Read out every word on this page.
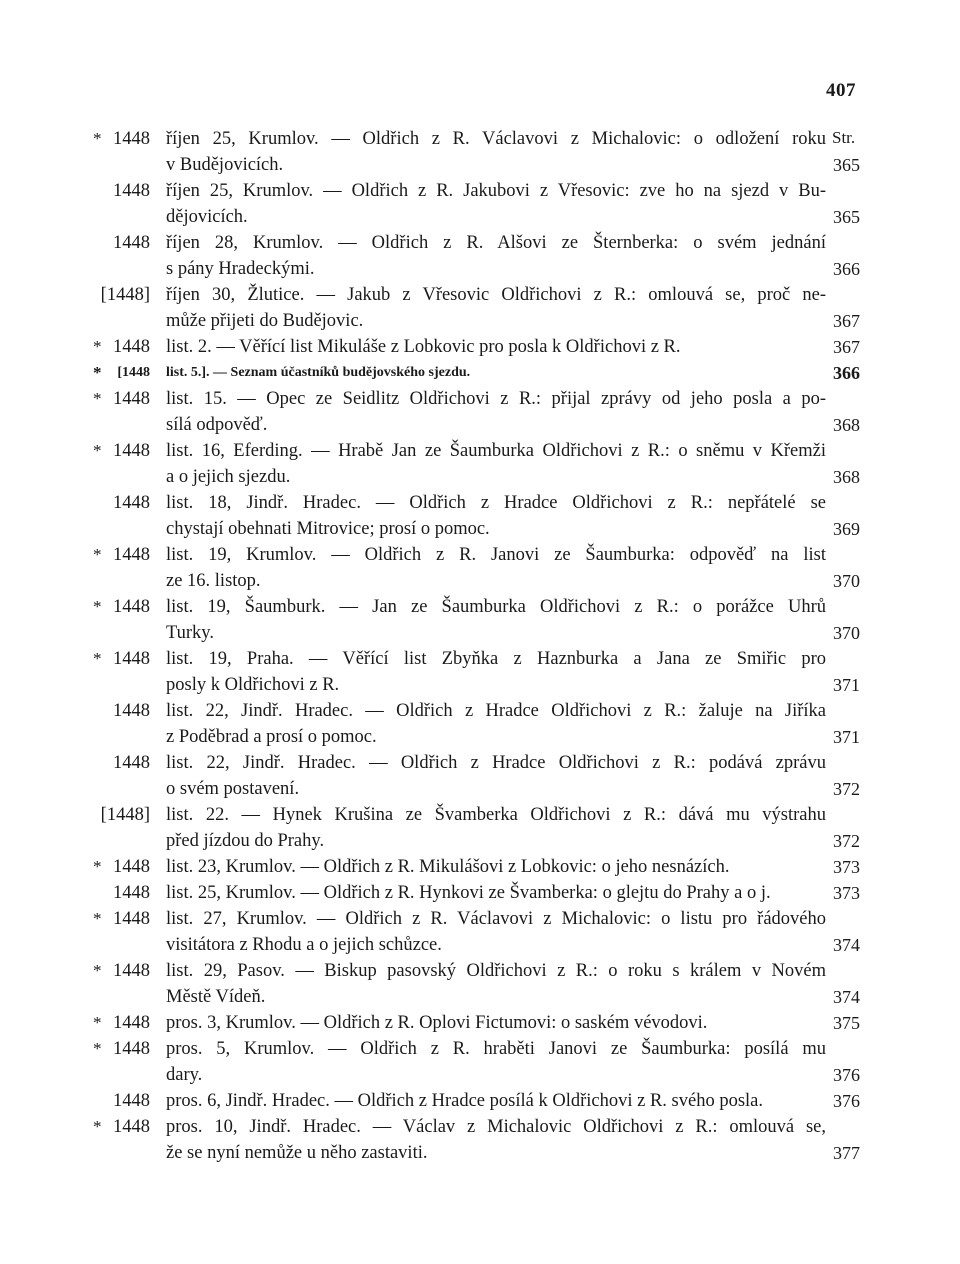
407
Str.
* 1448 říjen 25, Krumlov. — Oldřich z R. Václavovi z Michalovic: o odložení roku
v Budějovicích.	365
1448 říjen 25, Krumlov. — Oldřich z R. Jakubovi z Vřesovic: zve ho na sjezd v Bu-
dějovicích.	365
1448 říjen 28, Krumlov. — Oldřich z R. Alšovi ze Šternberka: o svém jednání
s pány Hradeckými.	366
[1448] říjen 30, Žlutice. — Jakub z Vřesovic Oldřichovi z R.: omlouvá se, proč ne-
může přijeti do Budějovic.	367
* 1448 list. 2. — Věřící list Mikuláše z Lobkovic pro posla k Oldřichovi z R.	367
* [1448 list. 5.]. — Seznam účastníků budějovského sjezdu.	366
* 1448 list. 15. — Opec ze Seidlitz Oldřichovi z R.: přijal zprávy od jeho posla a po-
sílá odpověď.	368
* 1448 list. 16, Eferding. — Hrabě Jan ze Šaumburka Oldřichovi z R.: o sněmu v Křemži
a o jejich sjezdu.	368
1448 list. 18, Jindř. Hradec. — Oldřich z Hradce Oldřichovi z R.: nepřátelé se
chystají obehnati Mitrovice; prosí o pomoc.	369
* 1448 list. 19, Krumlov. — Oldřich z R. Janovi ze Šaumburka: odpověď na list
ze 16. listop.	370
* 1448 list. 19, Šaumburk. — Jan ze Šaumburka Oldřichovi z R.: o porážce Uhrů
Turky.	370
* 1448 list. 19, Praha. — Věřící list Zbyňka z Haznburka a Jana ze Smiřic pro
posly k Oldřichovi z R.	371
1448 list. 22, Jindř. Hradec. — Oldřich z Hradce Oldřichovi z R.: žaluje na Jiříka
z Poděbrad a prosí o pomoc.	371
1448 list. 22, Jindř. Hradec. — Oldřich z Hradce Oldřichovi z R.: podává zprávu
o svém postavení.	372
[1448] list. 22. — Hynek Krušina ze Švamberka Oldřichovi z R.: dává mu výstrahu
před jízdou do Prahy.	372
* 1448 list. 23, Krumlov. — Oldřich z R. Mikulášovi z Lobkovic: o jeho nesnázích.	373
1448 list. 25, Krumlov. — Oldřich z R. Hynkovi ze Švamberka: o glejtu do Prahy a o j.	373
* 1448 list. 27, Krumlov. — Oldřich z R. Václavovi z Michalovic: o listu pro řádového
visitátora z Rhodu a o jejich schůzce.	374
* 1448 list. 29, Pasov. — Biskup pasovský Oldřichovi z R.: o roku s králem v Novém
Městě Vídeň.	374
* 1448 pros. 3, Krumlov. — Oldřich z R. Oplovi Fictumovi: o saském vévodovi.	375
* 1448 pros. 5, Krumlov. — Oldřich z R. hraběti Janovi ze Šaumburka: posílá mu
dary.	376
1448 pros. 6, Jindř. Hradec. — Oldřich z Hradce posílá k Oldřichovi z R. svého posla.	376
* 1448 pros. 10, Jindř. Hradec. — Václav z Michalovic Oldřichovi z R.: omlouvá se,
že se nyní nemůže u něho zastaviti.	377
